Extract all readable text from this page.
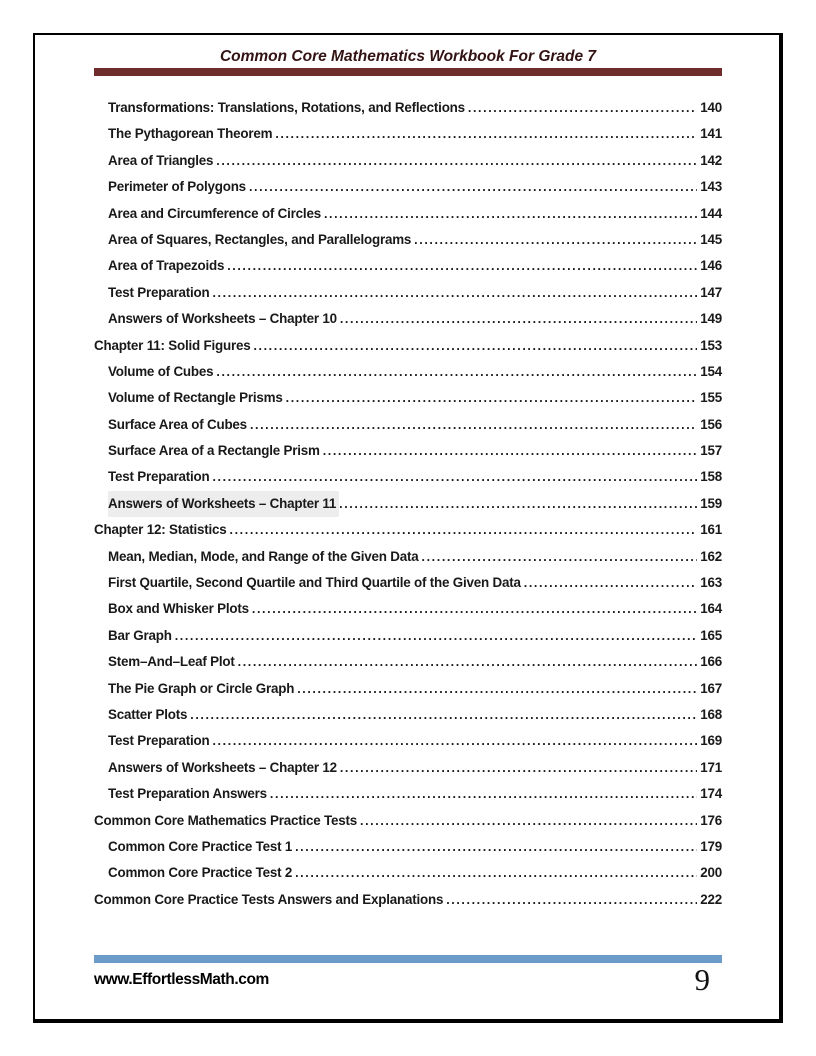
Common Core Mathematics Workbook For Grade 7
Transformations: Translations, Rotations, and Reflections .....	140
The Pythagorean Theorem .....	141
Area of Triangles .....	142
Perimeter of Polygons .....	143
Area and Circumference of Circles .....	144
Area of Squares, Rectangles, and Parallelograms .....	145
Area of Trapezoids .....	146
Test Preparation .....	147
Answers of Worksheets – Chapter 10 .....	149
Chapter 11: Solid Figures .....	153
Volume of Cubes .....	154
Volume of Rectangle Prisms .....	155
Surface Area of Cubes .....	156
Surface Area of a Rectangle Prism .....	157
Test Preparation .....	158
Answers of Worksheets – Chapter 11 .....	159
Chapter 12: Statistics .....	161
Mean, Median, Mode, and Range of the Given Data .....	162
First Quartile, Second Quartile and Third Quartile of the Given Data .....	163
Box and Whisker Plots .....	164
Bar Graph .....	165
Stem–And–Leaf Plot .....	166
The Pie Graph or Circle Graph .....	167
Scatter Plots .....	168
Test Preparation .....	169
Answers of Worksheets – Chapter 12 .....	171
Test Preparation Answers .....	174
Common Core Mathematics Practice Tests .....	176
Common Core Practice Test 1 .....	179
Common Core Practice Test 2 .....	200
Common Core Practice Tests Answers and Explanations .....	222
www.EffortlessMath.com	9
